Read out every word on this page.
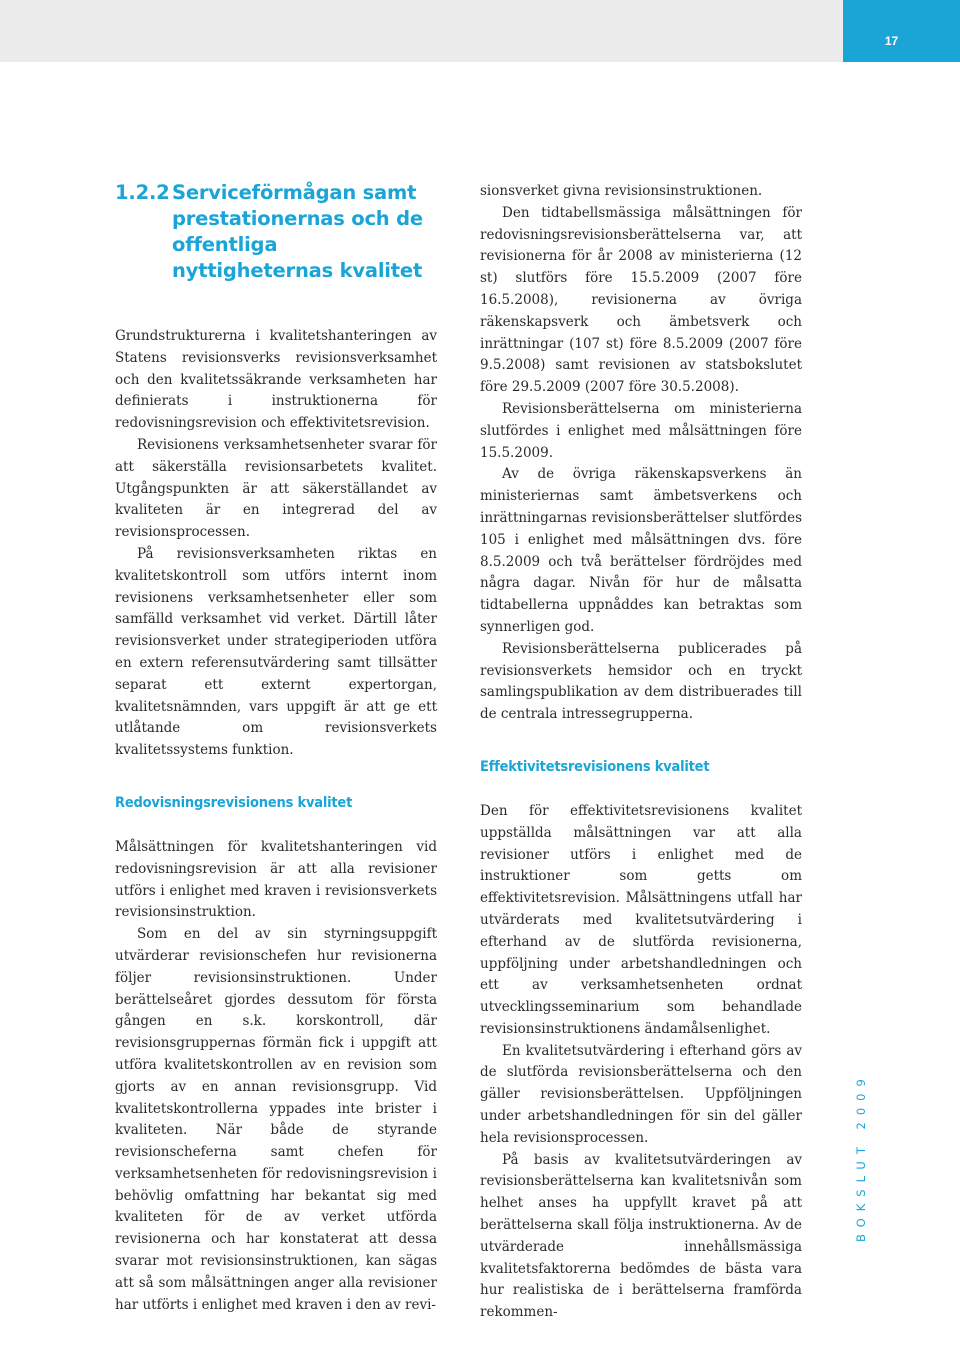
17
1.2.2 Serviceförmågan samt prestationernas och de offentliga nyttigheternas kvalitet

Grundstrukturerna i kvalitetshanteringen av Statens revisionsverks revisionsverksamhet och den kvalitetssäkrande verksamheten har definierats i instruktionerna för redovisningsrevision och effektivitetsrevision.

Revisionens verksamhetsenheter svarar för att säkerställa revisionsarbetets kvalitet. Utgångspunkten är att säkerställandet av kvaliteten är en integrerad del av revisionsprocessen.

På revisionsverksamheten riktas en kvalitetskontroll som utförs internt inom revisionens verksamhetsenheter eller som samfälld verksamhet vid verket. Därtill låter revisionsverket under strategiperioden utföra en extern referensutvärdering samt tillsätter separat ett externt expertorgan, kvalitetsnämnden, vars uppgift är att ge ett utlåtande om revisionsverkets kvalitetssystems funktion.

Redovisningsrevisionens kvalitet

Målsättningen för kvalitetshanteringen vid redovisningsrevision är att alla revisioner utförs i enlighet med kraven i revisionsverkets revisionsinstruktion.

Som en del av sin styrningsuppgift utvärderar revisionschefen hur revisionerna följer revisionsinstruktionen. Under berättelseåret gjordes dessutom för första gången en s.k. korskontroll, där revisionsgruppernas förmän fick i uppgift att utföra kvalitetskontrollen av en revision som gjorts av en annan revisionsgrupp. Vid kvalitetskontrollerna yppades inte brister i kvaliteten. När både de styrande revisionscheferna samt chefen för verksamhetsenheten för redovisningsrevision i behövlig omfattning har bekantat sig med kvaliteten för de av verket utförda revisionerna och har konstaterat att dessa svarar mot revisionsinstruktionen, kan sägas att så som målsättningen anger alla revisioner har utförts i enlighet med kraven i den av revi-

sionsverket givna revisionsinstruktionen.

Den tidtabellsmässiga målsättningen för redovisningsrevisionsberättelserna var, att revisionerna för år 2008 av ministeriernа (12 st) slutförs före 15.5.2009 (2007 före 16.5.2008), revisionerna av övriga räkenskapsverk och ämbetsverk och inrättningar (107 st) före 8.5.2009 (2007 före 9.5.2008) samt revisionen av statsbokslutet före 29.5.2009 (2007 före 30.5.2008).

Revisionsberättelserna om ministerierna slutfördes i enlighet med målsättningen före 15.5.2009.

Av de övriga räkenskapsverkens än ministeriernas samt ämbetsverkens och inrättningarnas revisionsberättelser slutfördes 105 i enlighet med målsättningen dvs. före 8.5.2009 och två berättelser fördröjdes med några dagar. Nivån för hur de målsatta tidtabellerna uppnåddes kan betraktas som synnerligen god.

Revisionsberättelserna publicerades på revisionsverkets hemsidor och en tryckt samlingspublikation av dem distribuerades till de centrala intressegrupperna.

Effektivitetsrevisionens kvalitet

Den för effektivitetsrevisionens kvalitet uppställda målsättningen var att alla revisioner utförs i enlighet med de instruktioner som getts om effektivitetsrevision. Målsättningens utfall har utvärderats med kvalitetsutvärdering i efterhand av de slutförda revisionerna, uppföljning under arbetshandledningen och ett av verksamhetsenheten ordnat utvecklingsseminarium som behandlade revisionsinstruktionens ändamålsenlighet.

En kvalitetsutvärdering i efterhand görs av de slutförda revisionsberättelserna och den gäller revisionsberättelsen. Uppföljningen under arbetshandledningen för sin del gäller hela revisionsprocessen.

På basis av kvalitetsutvärderingen av revisionsberättelserna kan kvalitetsnivån som helhet anses ha uppfyllt kravet på att berättelserna skall följa instruktionerna. Av de utvärderade innehållsmässiga kvalitetsfaktorerna bedömdes de bästa vara hur realistiska de i berättelserna framförda rekommen-

BOKSLUT 2009
